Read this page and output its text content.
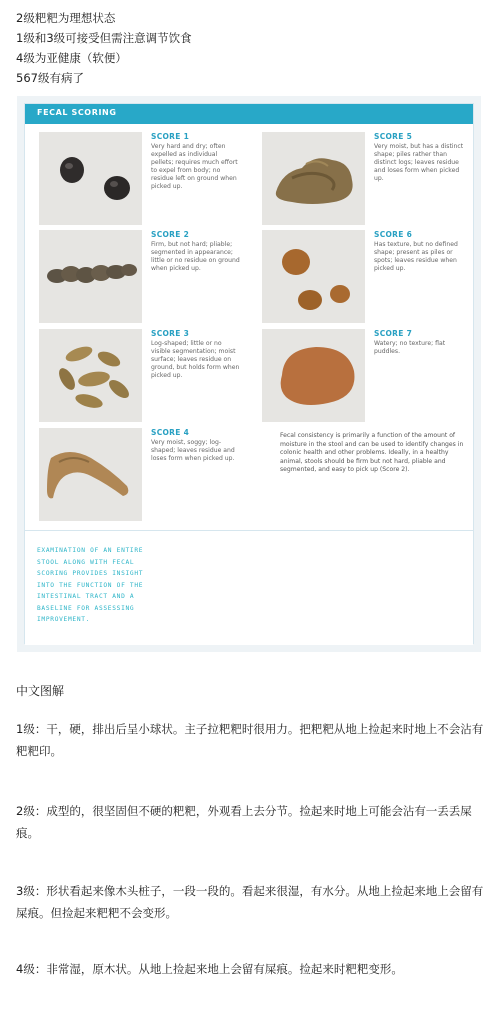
2级粑粑为理想状态
1级和3级可接受但需注意调节饮食
4级为亚健康（软便）
567级有病了
FECAL SCORING
SCORE 1
Very hard and dry; often expelled as individual pellets; requires much effort to expel from body; no residue left on ground when picked up.
SCORE 2
Firm, but not hard; pliable; segmented in appearance; little or no residue on ground when picked up.
SCORE 3
Log-shaped; little or no visible segmentation; moist surface; leaves residue on ground, but holds form when picked up.
SCORE 4
Very moist, soggy; log-shaped; leaves residue and loses form when picked up.
SCORE 5
Very moist, but has a distinct shape; piles rather than distinct logs; leaves residue and loses form when picked up.
SCORE 6
Has texture, but no defined shape; present as piles or spots; leaves residue when picked up.
SCORE 7
Watery; no texture; flat puddles.
Fecal consistency is primarily a function of the amount of moisture in the stool and can be used to identify changes in colonic health and other problems. Ideally, in a healthy animal, stools should be firm but not hard, pliable and segmented, and easy to pick up (Score 2).
EXAMINATION OF AN ENTIRE STOOL ALONG WITH FECAL SCORING PROVIDES INSIGHT INTO THE FUNCTION OF THE INTESTINAL TRACT AND A BASELINE FOR ASSESSING IMPROVEMENT.
中文图解
1级：干，硬，排出后呈小球状。主子拉粑粑时很用力。把粑粑从地上捡起来时地上不会沾有粑粑印。
2级：成型的，很坚固但不硬的粑粑，外观看上去分节。捡起来时地上可能会沾有一丢丢屎痕。
3级：形状看起来像木头桩子，一段一段的。看起来很湿，有水分。从地上捡起来地上会留有屎痕。但捡起来粑粑不会变形。
4级：非常湿，原木状。从地上捡起来地上会留有屎痕。捡起来时粑粑变形。
